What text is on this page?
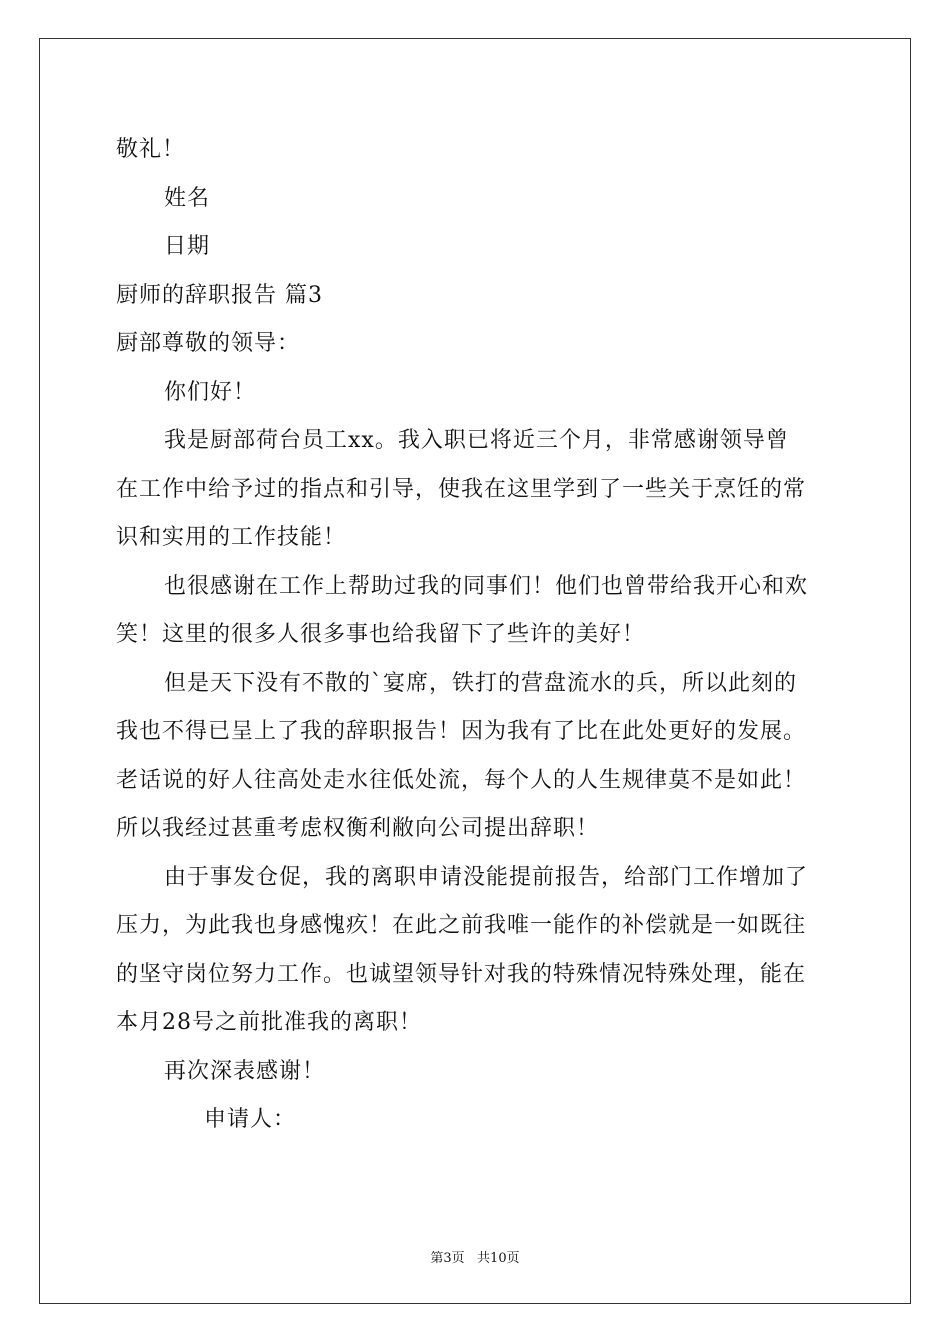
敬礼！
姓名
日期
厨师的辞职报告 篇3
厨部尊敬的领导：
你们好！
我是厨部荷台员工xx。我入职已将近三个月，非常感谢领导曾
在工作中给予过的指点和引导，使我在这里学到了一些关于烹饪的常
识和实用的工作技能！
也很感谢在工作上帮助过我的同事们！他们也曾带给我开心和欢
笑！这里的很多人很多事也给我留下了些许的美好！
但是天下没有不散的`宴席，铁打的营盘流水的兵，所以此刻的
我也不得已呈上了我的辞职报告！因为我有了比在此处更好的发展。
老话说的好人往高处走水往低处流，每个人的人生规律莫不是如此！
所以我经过甚重考虑权衡利敝向公司提出辞职！
由于事发仓促，我的离职申请没能提前报告，给部门工作增加了
压力，为此我也身感愧疚！在此之前我唯一能作的补偿就是一如既往
的坚守岗位努力工作。也诚望领导针对我的特殊情况特殊处理，能在
本月28号之前批准我的离职！
再次深表感谢！
申请人：
第3页   共10页
